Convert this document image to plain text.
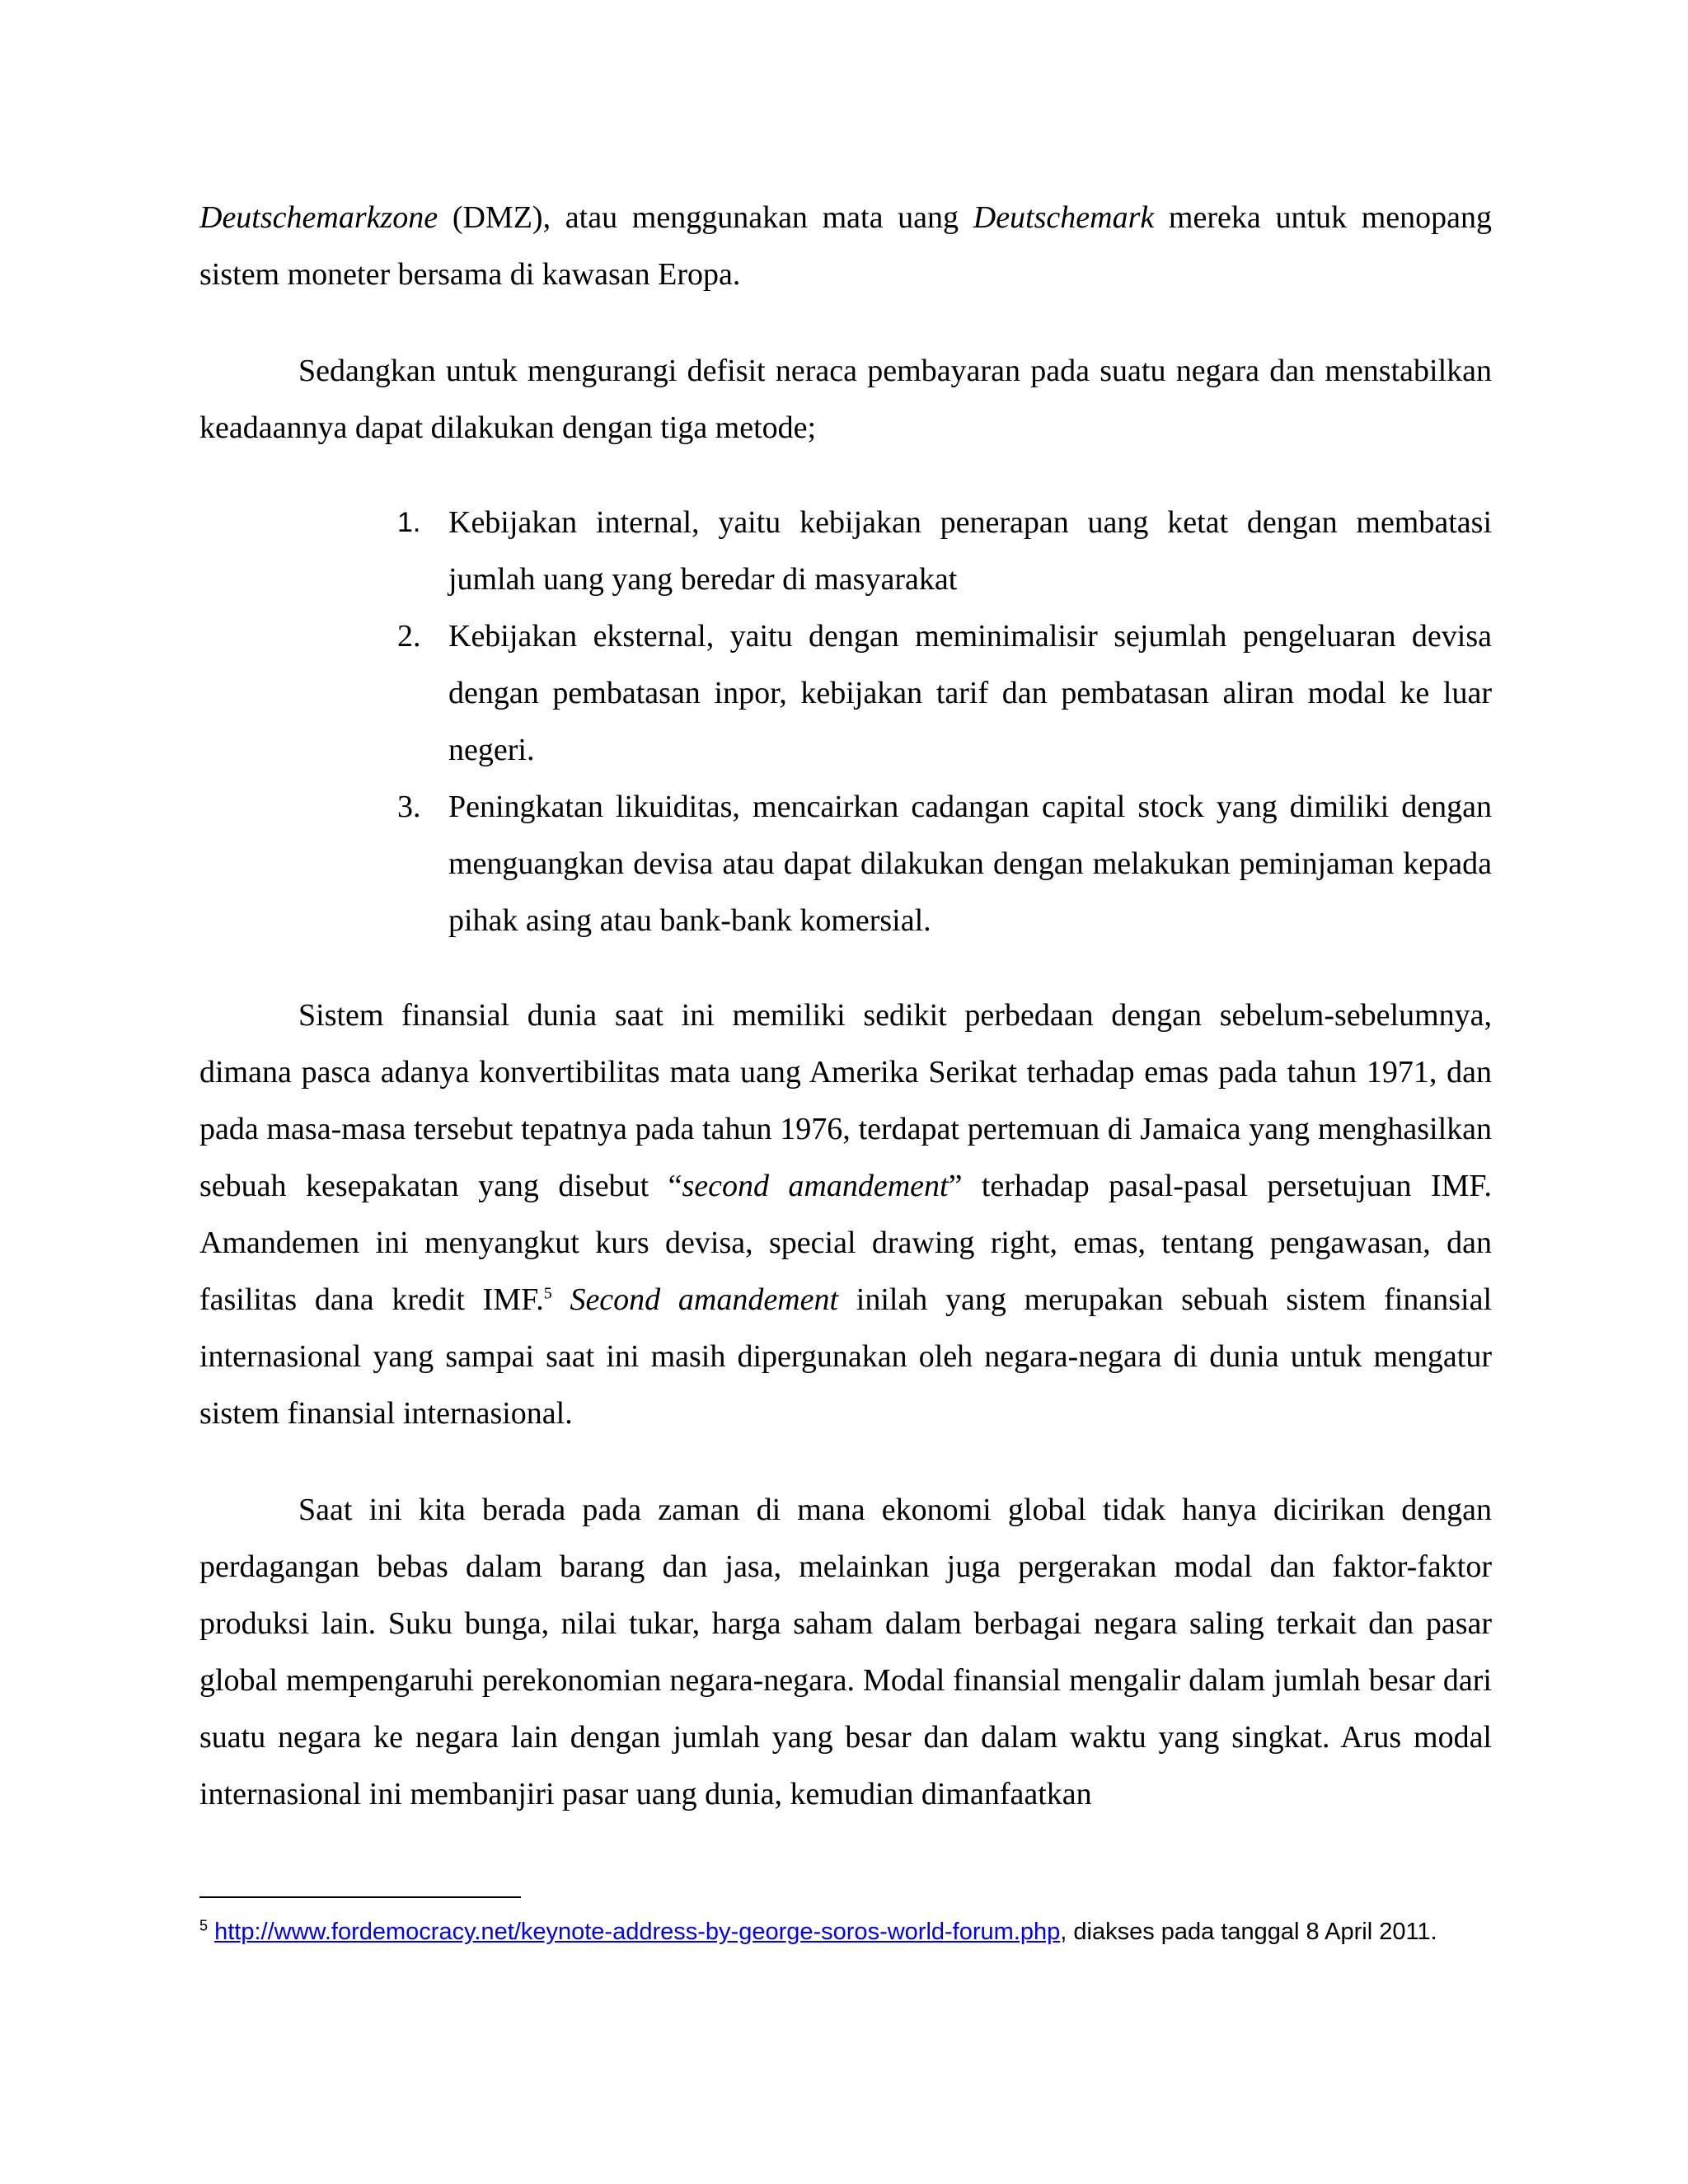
Deutschemarkzone (DMZ), atau menggunakan mata uang Deutschemark mereka untuk menopang sistem moneter bersama di kawasan Eropa.

Sedangkan untuk mengurangi defisit neraca pembayaran pada suatu negara dan menstabilkan keadaannya dapat dilakukan dengan tiga metode;

1. Kebijakan internal, yaitu kebijakan penerapan uang ketat dengan membatasi jumlah uang yang beredar di masyarakat
2. Kebijakan eksternal, yaitu dengan meminimalisir sejumlah pengeluaran devisa dengan pembatasan inpor, kebijakan tarif dan pembatasan aliran modal ke luar negeri.
3. Peningkatan likuiditas, mencairkan cadangan capital stock yang dimiliki dengan menguangkan devisa atau dapat dilakukan dengan melakukan peminjaman kepada pihak asing atau bank-bank komersial.

Sistem finansial dunia saat ini memiliki sedikit perbedaan dengan sebelum-sebelumnya, dimana pasca adanya konvertibilitas mata uang Amerika Serikat terhadap emas pada tahun 1971, dan pada masa-masa tersebut tepatnya pada tahun 1976, terdapat pertemuan di Jamaica yang menghasilkan sebuah kesepakatan yang disebut “second amandement” terhadap pasal-pasal persetujuan IMF. Amandemen ini menyangkut kurs devisa, special drawing right, emas, tentang pengawasan, dan fasilitas dana kredit IMF.$^5$ Second amandement inilah yang merupakan sebuah sistem finansial internasional yang sampai saat ini masih dipergunakan oleh negara-negara di dunia untuk mengatur sistem finansial internasional.

Saat ini kita berada pada zaman di mana ekonomi global tidak hanya dicirikan dengan perdagangan bebas dalam barang dan jasa, melainkan juga pergerakan modal dan faktor-faktor produksi lain. Suku bunga, nilai tukar, harga saham dalam berbagai negara saling terkait dan pasar global mempengaruhi perekonomian negara-negara. Modal finansial mengalir dalam jumlah besar dari suatu negara ke negara lain dengan jumlah yang besar dan dalam waktu yang singkat. Arus modal internasional ini membanjiri pasar uang dunia, kemudian dimanfaatkan

$^5$ http://www.fordemocracy.net/keynote-address-by-george-soros-world-forum.php, diakses pada tanggal 8 April 2011.
